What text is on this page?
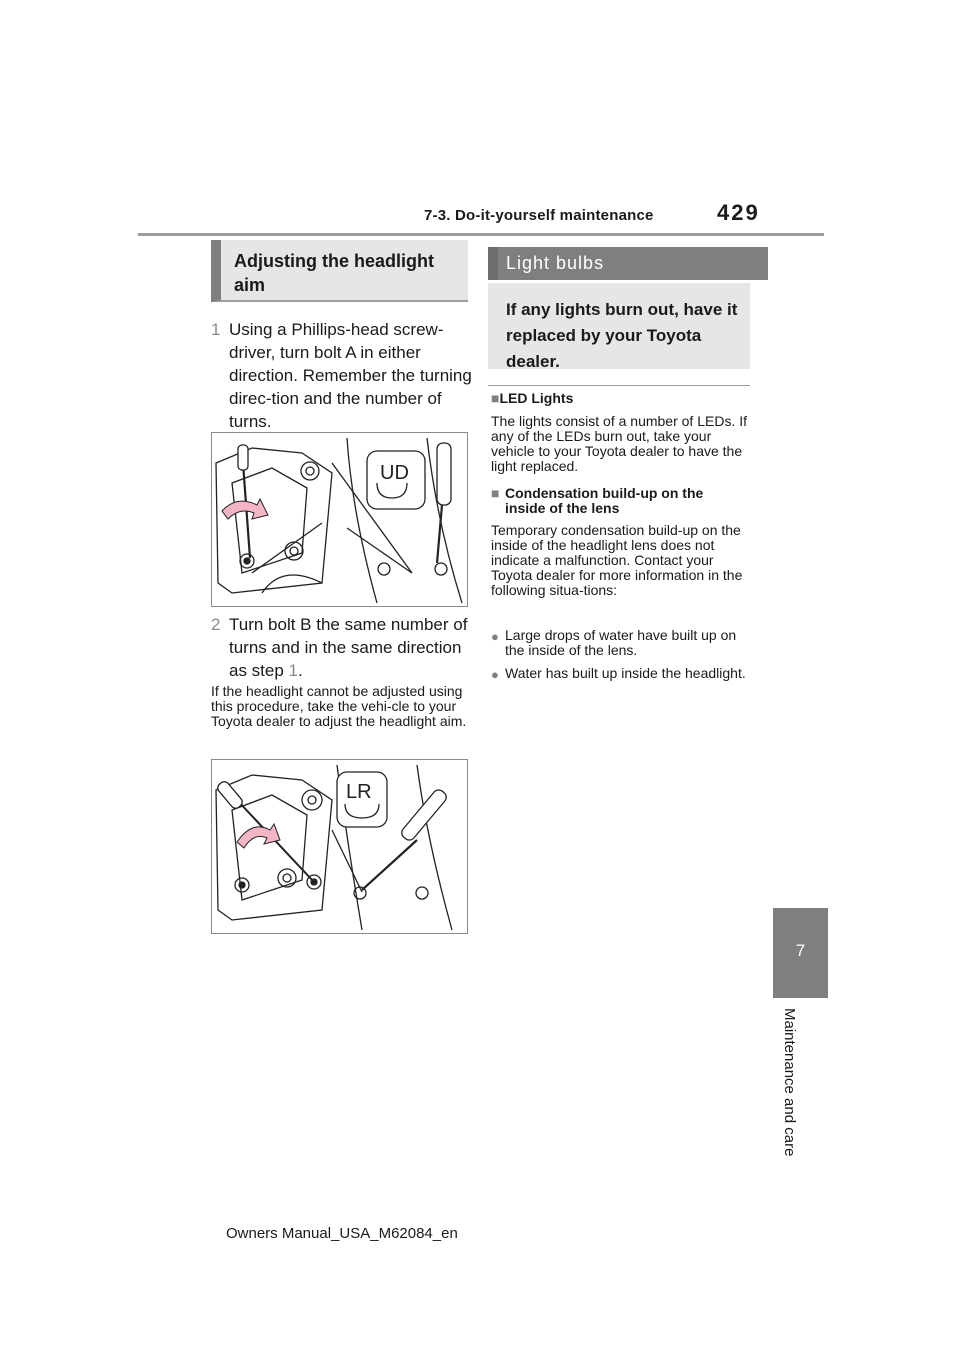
7-3. Do-it-yourself maintenance	429
7
Maintenance and care
Adjusting the headlight aim
1 Using a Phillips-head screw-driver, turn bolt A in either direction. Remember the turning direc-tion and the number of turns.
UD
2 Turn bolt B the same number of turns and in the same direction as step 1.
If the headlight cannot be adjusted using this procedure, take the vehi-cle to your Toyota dealer to adjust the headlight aim.
LR
Light bulbs
If any lights burn out, have it replaced by your Toyota dealer.
■LED Lights
The lights consist of a number of LEDs. If any of the LEDs burn out, take your vehicle to your Toyota dealer to have the light replaced.
■ Condensation build-up on the inside of the lens
Temporary condensation build-up on the inside of the headlight lens does not indicate a malfunction. Contact your Toyota dealer for more information in the following situa-tions:
● Large drops of water have built up on the inside of the lens.
● Water has built up inside the headlight.
Owners Manual_USA_M62084_en
